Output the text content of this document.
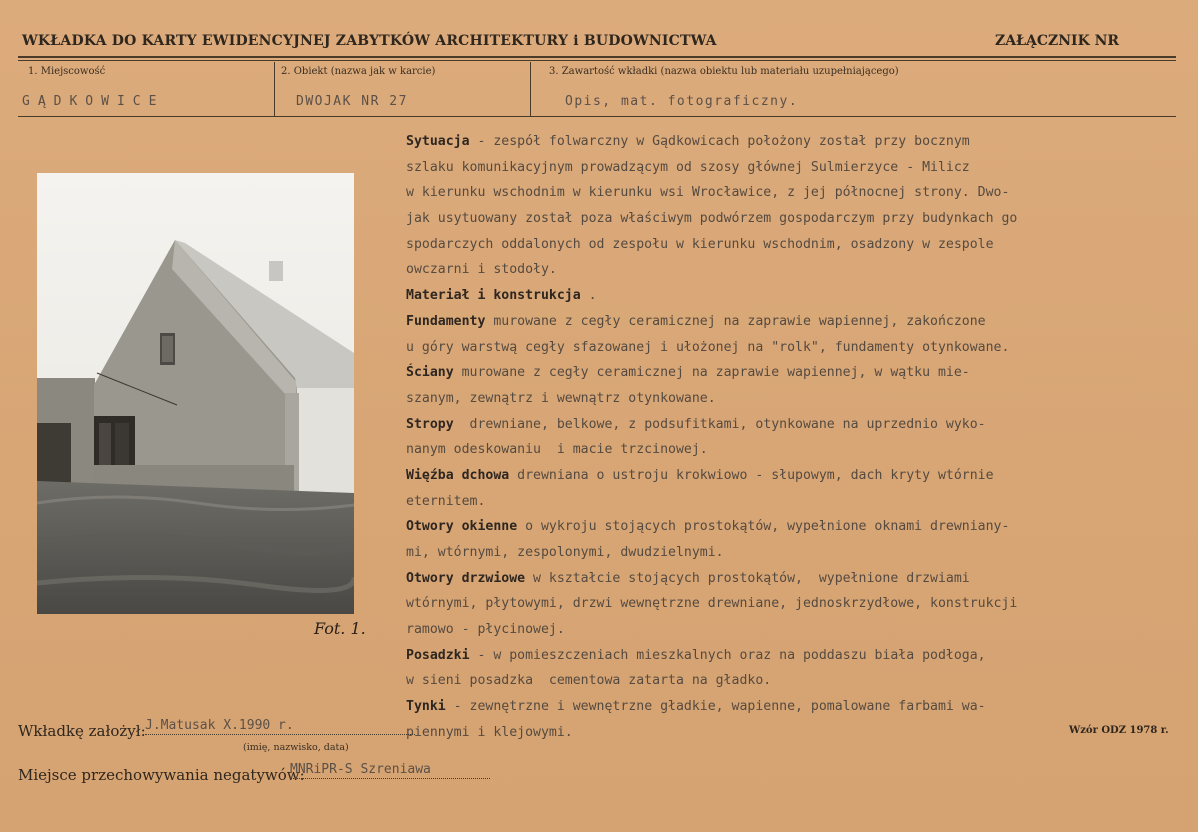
WKŁADKA DO KARTY EWIDENCYJNEJ ZABYTKÓW ARCHITEKTURY i BUDOWNICTWA	ZAŁĄCZNIK NR
1. Miejscowość
GĄDKOWICE
2. Obiekt (nazwa jak w karcie)
DWOJAK NR 27
3. Zawartość wkładki (nazwa obiektu lub materiału uzupełniającego)
Opis, mat. fotograficzny.
Fot. 1.
Sytuacja - zespół folwarczny w Gądkowicach położony został przy bocznym
szlaku komunikacyjnym prowadzącym od szosy głównej Sulmierzyce - Milicz
w kierunku wschodnim w kierunku wsi Wrocławice, z jej północnej strony. Dwo-
jak usytuowany został poza właściwym podwórzem gospodarczym przy budynkach go
spodarczych oddalonych od zespołu w kierunku wschodnim, osadzony w zespole
owczarni i stodoły.
Materiał i konstrukcja .
Fundamenty murowane z cegły ceramicznej na zaprawie wapiennej, zakończone
u góry warstwą cegły sfazowanej i ułożonej na "rolk", fundamenty otynkowane.
Ściany murowane z cegły ceramicznej na zaprawie wapiennej, w wątku mie-
szanym, zewnątrz i wewnątrz otynkowane.
Stropy  drewniane, belkowe, z podsufitkami, otynkowane na uprzednio wyko-
nanym odeskowaniu  i macie trzcinowej.
Więźba dchowa drewniana o ustroju krokwiowo - słupowym, dach kryty wtórnie
eternitem.
Otwory okienne o wykroju stojących prostokątów, wypełnione oknami drewniany-
mi, wtórnymi, zespolonymi, dwudzielnymi.
Otwory drzwiowe w kształcie stojących prostokątów,  wypełnione drzwiami
wtórnymi, płytowymi, drzwi wewnętrzne drewniane, jednoskrzydłowe, konstrukcji
ramowo - płycinowej.
Posadzki - w pomieszczeniach mieszkalnych oraz na poddaszu biała podłoga,
w sieni posadzka  cementowa zatarta na gładko.
Tynki - zewnętrzne i wewnętrzne gładkie, wapienne, pomalowane farbami wa-
piennymi i klejowymi.
Wkładkę założył: J.Matusak X.1990 r.
(imię, nazwisko, data)
Miejsce przechowywania negatywów:
MNRiPR-S Szreniawa
Wzór ODZ 1978 r.
